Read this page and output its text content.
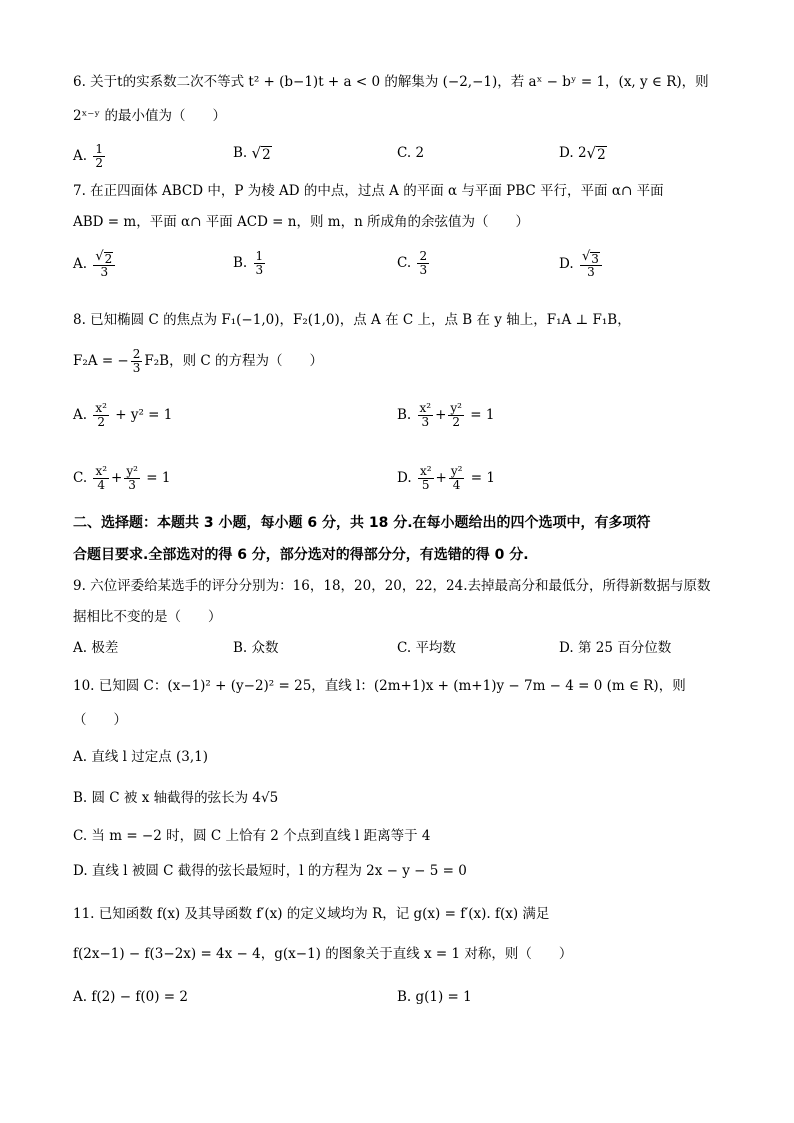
6. 关于t的实系数二次不等式 t² + (b−1)t + a < 0 的解集为 (−2,−1)，若 aˣ − bʸ = 1，(x, y ∈ R)，则
2ˣ⁻ʸ 的最小值为（　　）
A. $\frac{1}{2}$	B. √ 2	C. 2	D. 2 √ 2
7. 在正四面体 ABCD 中，P 为棱 AD 的中点，过点 A 的平面 α 与平面 PBC 平行，平面 α∩ 平面
ABD = m，平面 α∩ 平面 ACD = n，则 m，n 所成角的余弦值为（　　）
A. $\frac{√ 2}{3}$	B. $\frac{1}{3}$	C. $\frac{2}{3}$	D. $\frac{√ 3}{3}$
8. 已知椭圆 C 的焦点为 F₁(−1,0)，F₂(1,0)，点 A 在 C 上，点 B 在 y 轴上，F₁A ⊥ F₁B，
F₂A = − $\frac{2}{3} F_2B$，则 C 的方程为（　　）
A. $\frac{\text{x²}}{2} + y^2 = 1$	B. $\frac{\text{x²}}{3} + \frac{\text{y²}}{2} = 1$
C. $\frac{\text{x²}}{4} + \frac{\text{y²}}{3} = 1$	D. $\frac{\text{x²}}{5} + \frac{\text{y²}}{4} = 1$
二、选择题：本题共 3 小题，每小题 6 分，共 18 分.在每小题给出的四个选项中，有多项符
合题目要求.全部选对的得 6 分，部分选对的得部分分，有选错的得 0 分.
9. 六位评委给某选手的评分分别为：16，18，20，20，22，24.去掉最高分和最低分，所得新数据与原数
据相比不变的是（　　）
A. 极差	B. 众数	C. 平均数	D. 第 25 百分位数
10. 已知圆 C：(x−1)² + (y−2)² = 25，直线 l：(2m+1)x + (m+1)y − 7m − 4 = 0 (m ∈ R)，则
（　　）
A. 直线 l 过定点 (3,1)
B. 圆 C 被 x 轴截得的弦长为 4√5
C. 当 m = −2 时，圆 C 上恰有 2 个点到直线 l 距离等于 4
D. 直线 l 被圆 C 截得的弦长最短时，l 的方程为 2x − y − 5 = 0
11. 已知函数 f(x) 及其导函数 f′(x) 的定义域均为 R，记 g(x) = f′(x). f(x) 满足
f(2x−1) − f(3−2x) = 4x − 4，g(x−1) 的图象关于直线 x = 1 对称，则（　　）
A. f(2) − f(0) = 2	B. g(1) = 1
